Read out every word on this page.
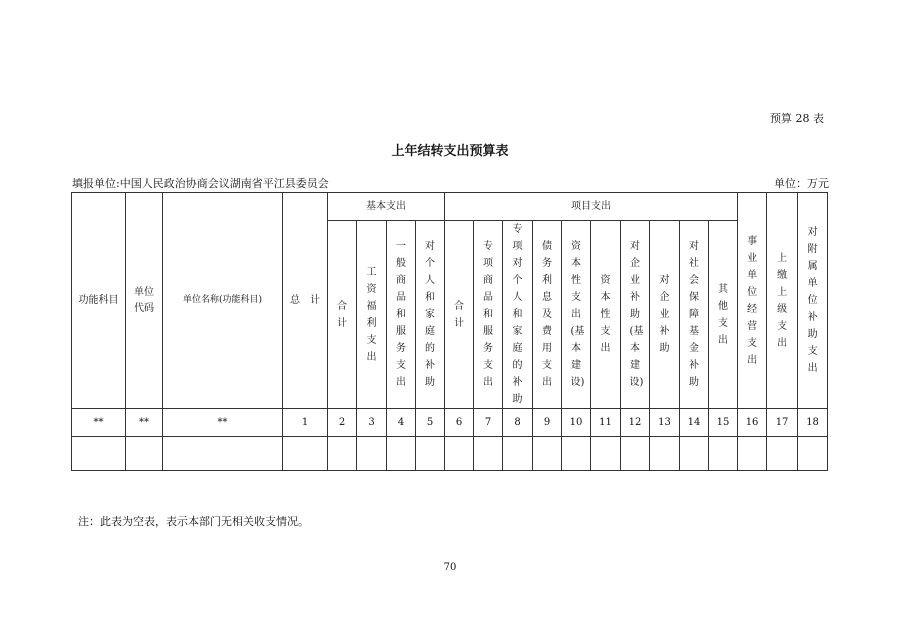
预算 28 表
上年结转支出预算表
填报单位:中国人民政治协商会议湖南省平江县委员会	单位：万元
功能科目	单位代码	单位名称(功能科目)	总　计	基本支出				项目支出										事业单位经营支出	上缴上级支出	对附属单位补助支出
				合计	工资福利支出	一般商品和服务支出	对个人和家庭的补助	合计	专项商品和服务支出	专项对个人和家庭的补助	债务利息及费用支出	资本性支出(基本建设)	资本性支出	对企业补助(基本建设)	对企业补助	对社会保障基金补助	其他支出			
**	**	**	1	2	3	4	5	6	7	8	9	10	11	12	13	14	15	16	17	18

注：此表为空表，表示本部门无相关收支情况。
70
